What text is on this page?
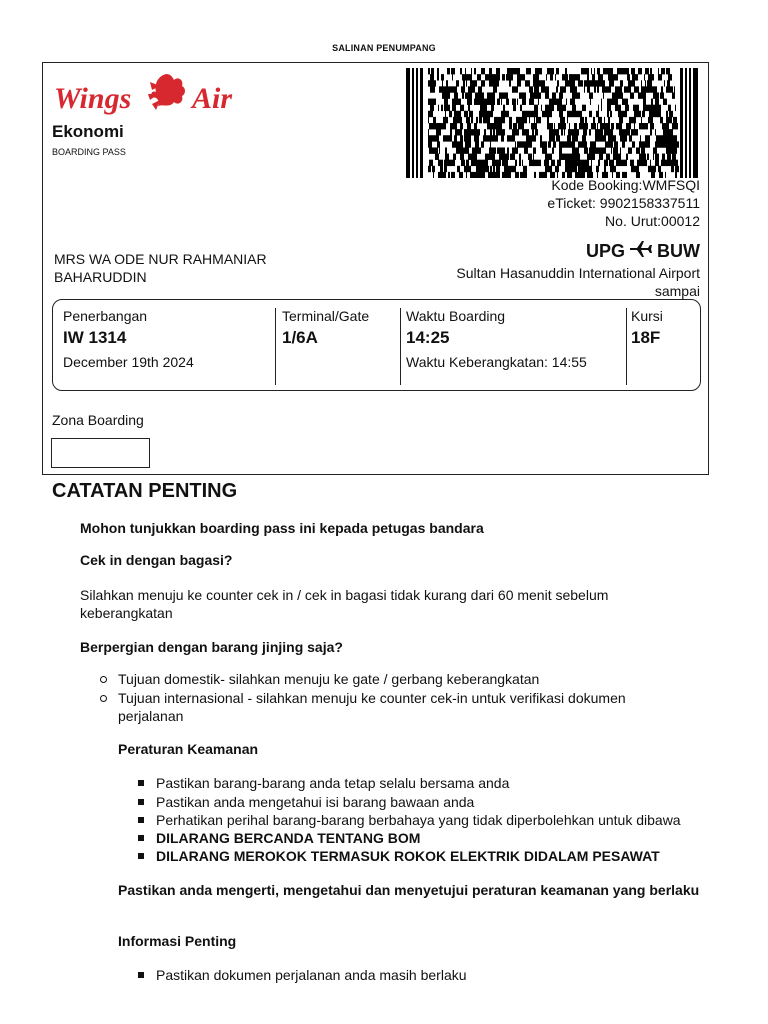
SALINAN PENUMPANG
Wings Air
Ekonomi
BOARDING PASS
Kode Booking:WMFSQI
eTicket: 9902158337511
No. Urut:00012
MRS WA ODE NUR RAHMANIAR BAHARUDDIN
UPG BUW
Sultan Hasanuddin International Airport
sampai
Penerbangan
IW 1314
December 19th 2024
Terminal/Gate
1/6A
Waktu Boarding
14:25
Waktu Keberangkatan: 14:55
Kursi
18F
Zona Boarding
CATATAN PENTING
Mohon tunjukkan boarding pass ini kepada petugas bandara
Cek in dengan bagasi?
Silahkan menuju ke counter cek in / cek in bagasi tidak kurang dari 60 menit sebelum keberangkatan
Berpergian dengan barang jinjing saja?
Tujuan domestik- silahkan menuju ke gate / gerbang keberangkatan
Tujuan internasional - silahkan menuju ke counter cek-in untuk verifikasi dokumen perjalanan
Peraturan Keamanan
Pastikan barang-barang anda tetap selalu bersama anda
Pastikan anda mengetahui isi barang bawaan anda
Perhatikan perihal barang-barang berbahaya yang tidak diperbolehkan untuk dibawa
DILARANG BERCANDA TENTANG BOM
DILARANG MEROKOK TERMASUK ROKOK ELEKTRIK DIDALAM PESAWAT
Pastikan anda mengerti, mengetahui dan menyetujui peraturan keamanan yang berlaku
Informasi Penting
Pastikan dokumen perjalanan anda masih berlaku
